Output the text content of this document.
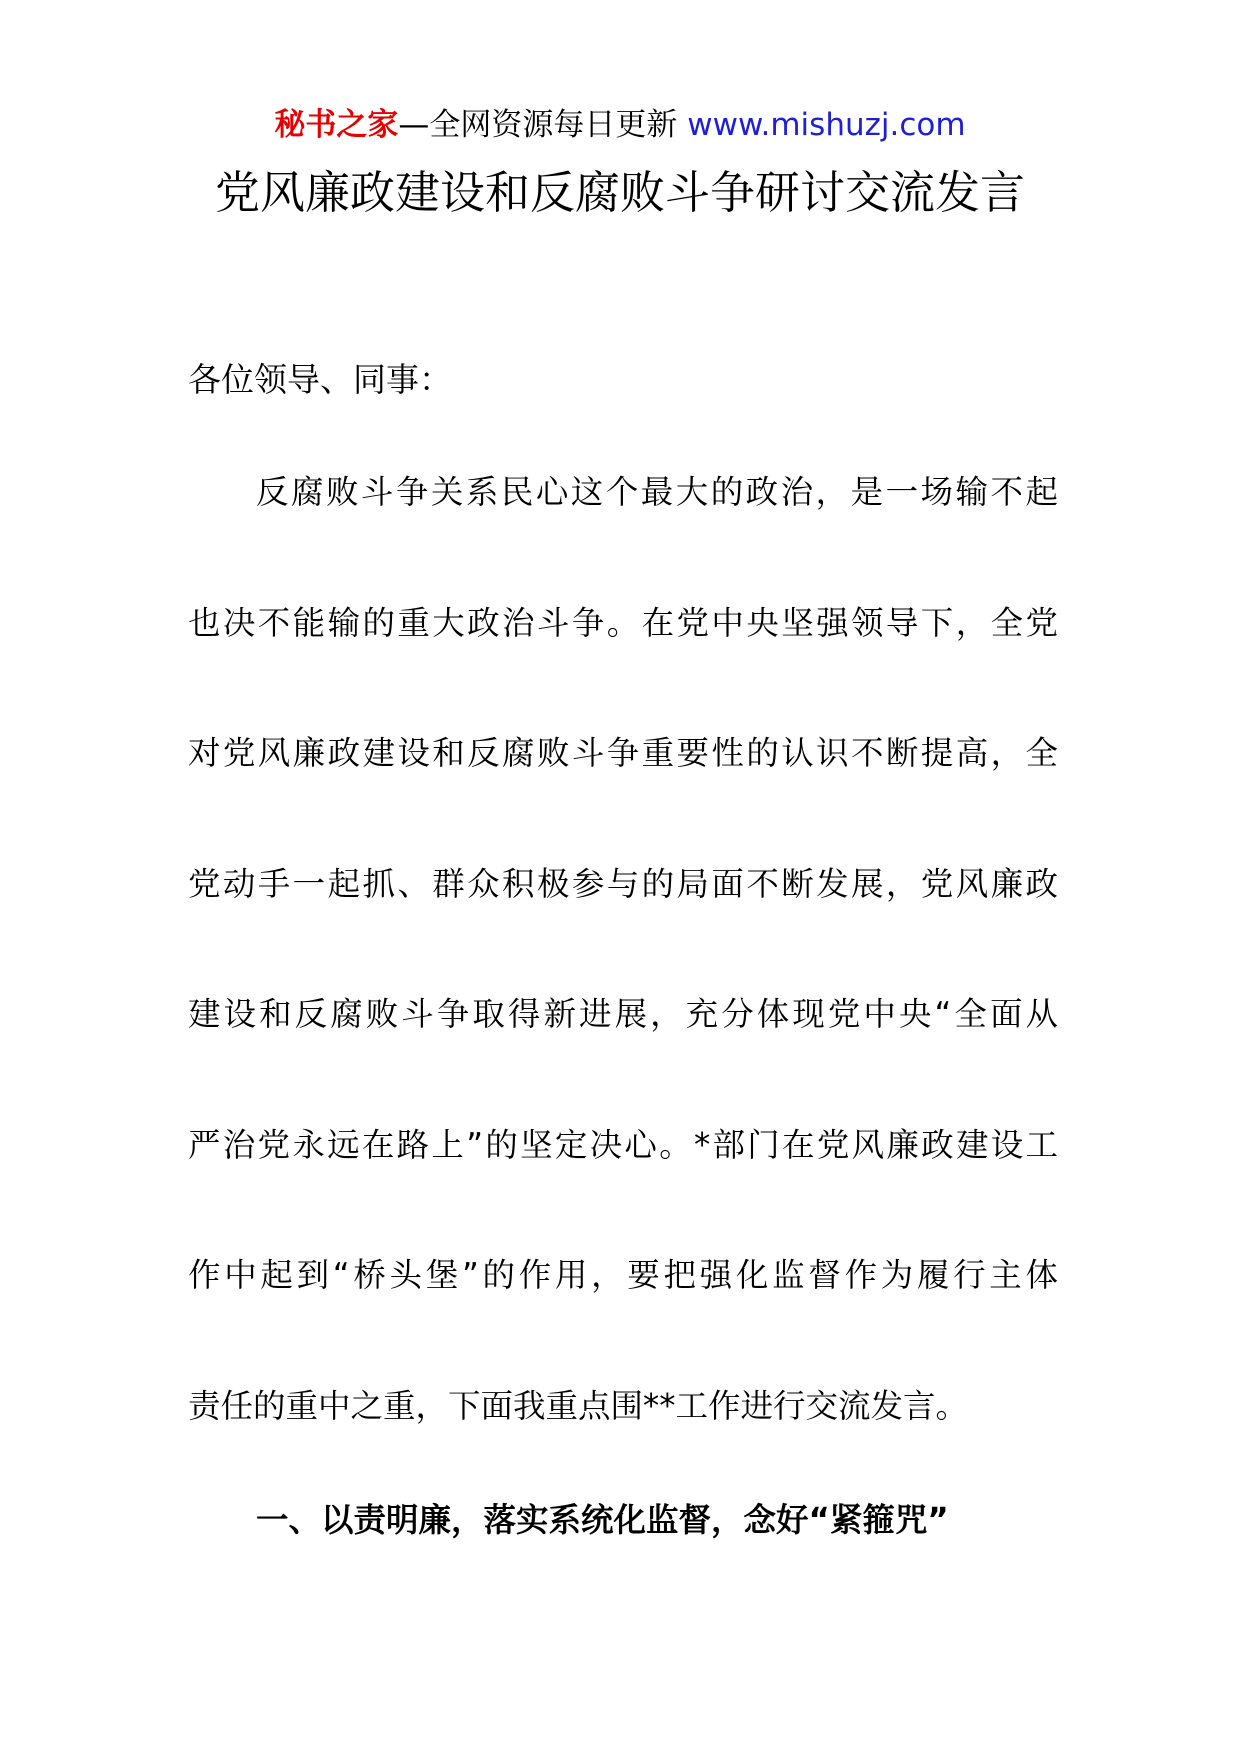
秘书之家—全网资源每日更新 www.mishuzj.com
党风廉政建设和反腐败斗争研讨交流发言
各位领导、同事：
反腐败斗争关系民心这个最大的政治，是一场输不起
也决不能输的重大政治斗争。在党中央坚强领导下，全党
对党风廉政建设和反腐败斗争重要性的认识不断提高，全
党动手一起抓、群众积极参与的局面不断发展，党风廉政
建设和反腐败斗争取得新进展，充分体现党中央“全面从
严治党永远在路上”的坚定决心。*部门在党风廉政建设工
作中起到“桥头堡”的作用，要把强化监督作为履行主体
责任的重中之重，下面我重点围**工作进行交流发言。
一、以责明廉，落实系统化监督，念好“紧箍咒”
